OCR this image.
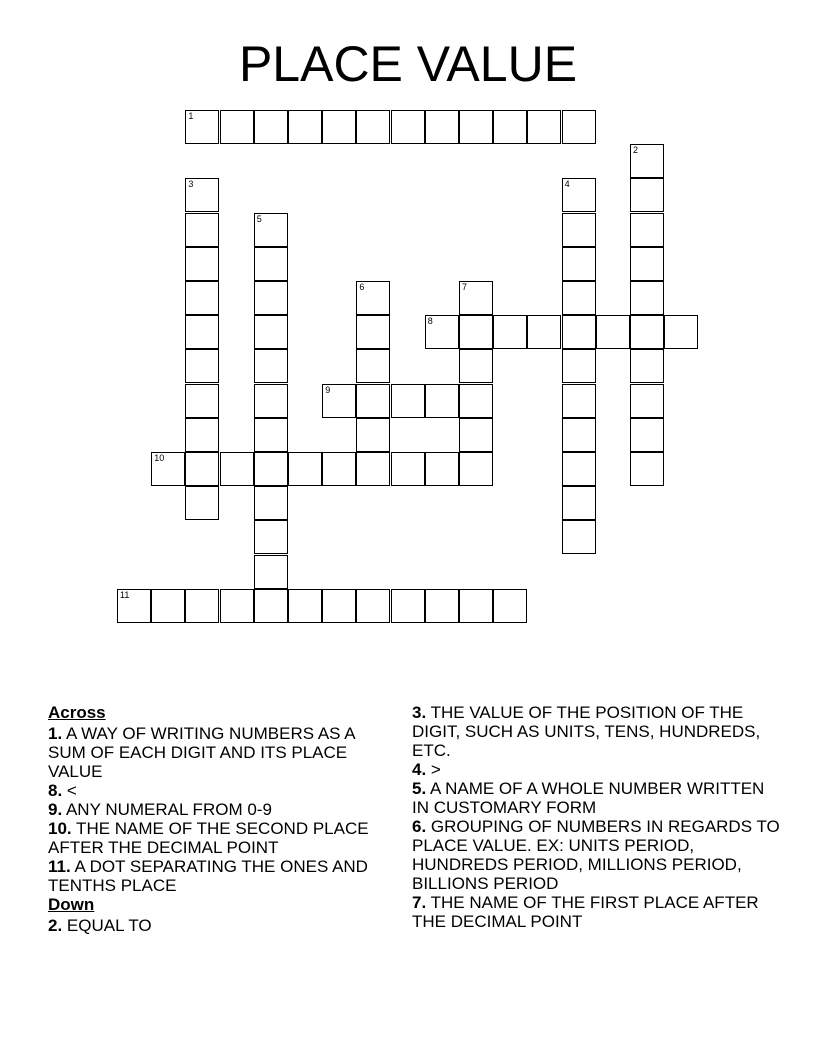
PLACE VALUE
1
2
3	4
5
6	7
8
9
10
11
Across
1. A WAY OF WRITING NUMBERS AS A SUM OF EACH DIGIT AND ITS PLACE VALUE
8. <
9. ANY NUMERAL FROM 0-9
10. THE NAME OF THE SECOND PLACE AFTER THE DECIMAL POINT
11. A DOT SEPARATING THE ONES AND TENTHS PLACE
Down
2. EQUAL TO
3. THE VALUE OF THE POSITION OF THE DIGIT, SUCH AS UNITS, TENS, HUNDREDS, ETC.
4. >
5. A NAME OF A WHOLE NUMBER WRITTEN IN CUSTOMARY FORM
6. GROUPING OF NUMBERS IN REGARDS TO PLACE VALUE. EX: UNITS PERIOD, HUNDREDS PERIOD, MILLIONS PERIOD, BILLIONS PERIOD
7. THE NAME OF THE FIRST PLACE AFTER THE DECIMAL POINT
